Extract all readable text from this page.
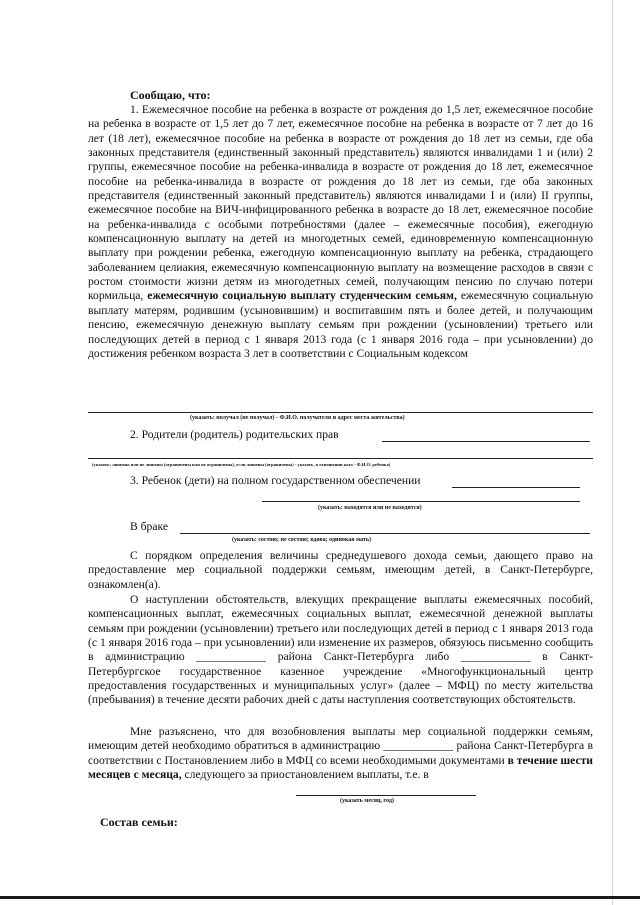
Сообщаю, что:
1. Ежемесячное пособие на ребенка в возрасте от рождения до 1,5 лет, ежемесячное пособие на ребенка в возрасте от 1,5 лет до 7 лет, ежемесячное пособие на ребенка в возрасте от 7 лет до 16 лет (18 лет), ежемесячное пособие на ребенка в возрасте от рождения до 18 лет из семьи, где оба законных представителя (единственный законный представитель) являются инвалидами 1 и (или) 2 группы, ежемесячное пособие на ребенка-инвалида в возрасте от рождения до 18 лет, ежемесячное пособие на ребенка-инвалида в возрасте от рождения до 18 лет из семьи, где оба законных представителя (единственный законный представитель) являются инвалидами I и (или) II группы, ежемесячное пособие на ВИЧ-инфицированного ребенка в возрасте до 18 лет, ежемесячное пособие на ребенка-инвалида с особыми потребностями (далее – ежемесячные пособия), ежегодную компенсационную выплату на детей из многодетных семей, единовременную компенсационную выплату при рождении ребенка, ежегодную компенсационную выплату на ребенка, страдающего заболеванием целиакия, ежемесячную компенсационную выплату на возмещение расходов в связи с ростом стоимости жизни детям из многодетных семей, получающим пенсию по случаю потери кормильца, ежемесячную социальную выплату студенческим семьям, ежемесячную социальную выплату матерям, родившим (усыновившим) и воспитавшим пять и более детей, и получающим пенсию, ежемесячную денежную выплату семьям при рождении (усыновлении) третьего или последующих детей в период с 1 января 2013 года (с 1 января 2016 года – при усыновлении) до достижения ребенком возраста 3 лет в соответствии с Социальным кодексом
(указать: получал (не получал) - Ф.И.О. получателя и адрес места жительства)
2. Родители (родитель) родительских прав
(указать: лишены или не лишены (ограничены или не ограничены), если лишены (ограничены) - указать, в отношении кого - Ф.И.О. ребенка)
3. Ребенок (дети) на полном государственном обеспечении
(указать: находятся или не находятся)
В браке
(указать: состою; не состою; вдова; одинокая мать)
С порядком определения величины среднедушевого дохода семьи, дающего право на предоставление мер социальной поддержки семьям, имеющим детей, в Санкт-Петербурге, ознакомлен(а).
О наступлении обстоятельств, влекущих прекращение выплаты ежемесячных пособий, компенсационных выплат, ежемесячных социальных выплат, ежемесячной денежной выплаты семьям при рождении (усыновлении) третьего или последующих детей в период с 1 января 2013 года (с 1 января 2016 года – при усыновлении) или изменение их размеров, обязуюсь письменно сообщить в администрацию ____________ района Санкт-Петербурга либо ____________ в Санкт-Петербургское государственное казенное учреждение «Многофункциональный центр предоставления государственных и муниципальных услуг» (далее – МФЦ) по месту жительства (пребывания) в течение десяти рабочих дней с даты наступления соответствующих обстоятельств.
Мне разъяснено, что для возобновления выплаты мер социальной поддержки семьям, имеющим детей необходимо обратиться в администрацию ____________ района Санкт-Петербурга в соответствии с Постановлением либо в МФЦ со всеми необходимыми документами в течение шести месяцев с месяца, следующего за приостановлением выплаты, т.е. в
(указать месяц, год)
Состав семьи:
